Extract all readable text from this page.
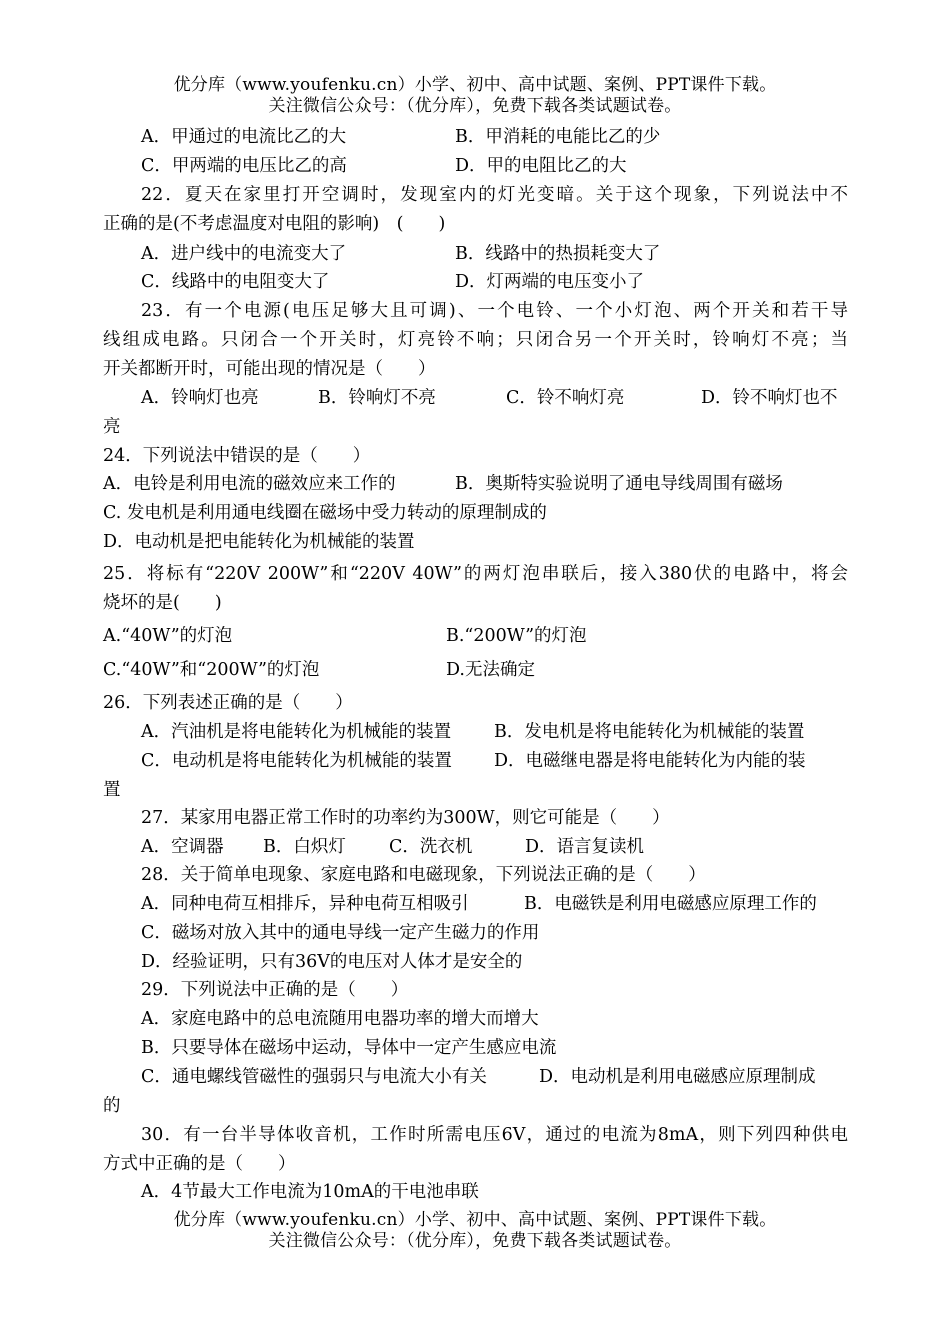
优分库（www.youfenku.cn）小学、初中、高中试题、案例、PPT课件下载。
关注微信公众号：（优分库），免费下载各类试题试卷。
A．甲通过的电流比乙的大	B．甲消耗的电能比乙的少
C．甲两端的电压比乙的高	D．甲的电阻比乙的大
22．夏天在家里打开空调时，发现室内的灯光变暗。关于这个现象，下列说法中不
正确的是(不考虑温度对电阻的影响)　(　　)
A．进户线中的电流变大了	B．线路中的热损耗变大了
C．线路中的电阻变大了	D．灯两端的电压变小了
23．有一个电源(电压足够大且可调)、一个电铃、一个小灯泡、两个开关和若干导
线组成电路。只闭合一个开关时，灯亮铃不响；只闭合另一个开关时，铃响灯不亮；当
开关都断开时，可能出现的情况是（　　）
A．铃响灯也亮	B．铃响灯不亮	C．铃不响灯亮	D．铃不响灯也不
亮
24．下列说法中错误的是（　　）
A．电铃是利用电流的磁效应来工作的	B．奥斯特实验说明了通电导线周围有磁场
C. 发电机是利用通电线圈在磁场中受力转动的原理制成的
D．电动机是把电能转化为机械能的装置
25．将标有“220V 200W”和“220V 40W”的两灯泡串联后，接入380伏的电路中，将会
烧坏的是(　　)
A.“40W”的灯泡	B.“200W”的灯泡
C.“40W”和“200W”的灯泡	D.无法确定
26．下列表述正确的是（　　）
A．汽油机是将电能转化为机械能的装置 B．发电机是将电能转化为机械能的装置
C．电动机是将电能转化为机械能的装置 D．电磁继电器是将电能转化为内能的装
置
27．某家用电器正常工作时的功率约为300W，则它可能是（　　）
A．空调器 B．白炽灯 C．洗衣机	D．语言复读机
28．关于简单电现象、家庭电路和电磁现象，下列说法正确的是（　　）
A．同种电荷互相排斥，异种电荷互相吸引	B．电磁铁是利用电磁感应原理工作的
C．磁场对放入其中的通电导线一定产生磁力的作用
D．经验证明，只有36V的电压对人体才是安全的
29．下列说法中正确的是（　　）
A．家庭电路中的总电流随用电器功率的增大而增大
B．只要导体在磁场中运动，导体中一定产生感应电流
C．通电螺线管磁性的强弱只与电流大小有关	D．电动机是利用电磁感应原理制成
的
30．有一台半导体收音机，工作时所需电压6V，通过的电流为8mA，则下列四种供电
方式中正确的是（　　）
A．4节最大工作电流为10mA的干电池串联
优分库（www.youfenku.cn）小学、初中、高中试题、案例、PPT课件下载。
关注微信公众号：（优分库），免费下载各类试题试卷。
